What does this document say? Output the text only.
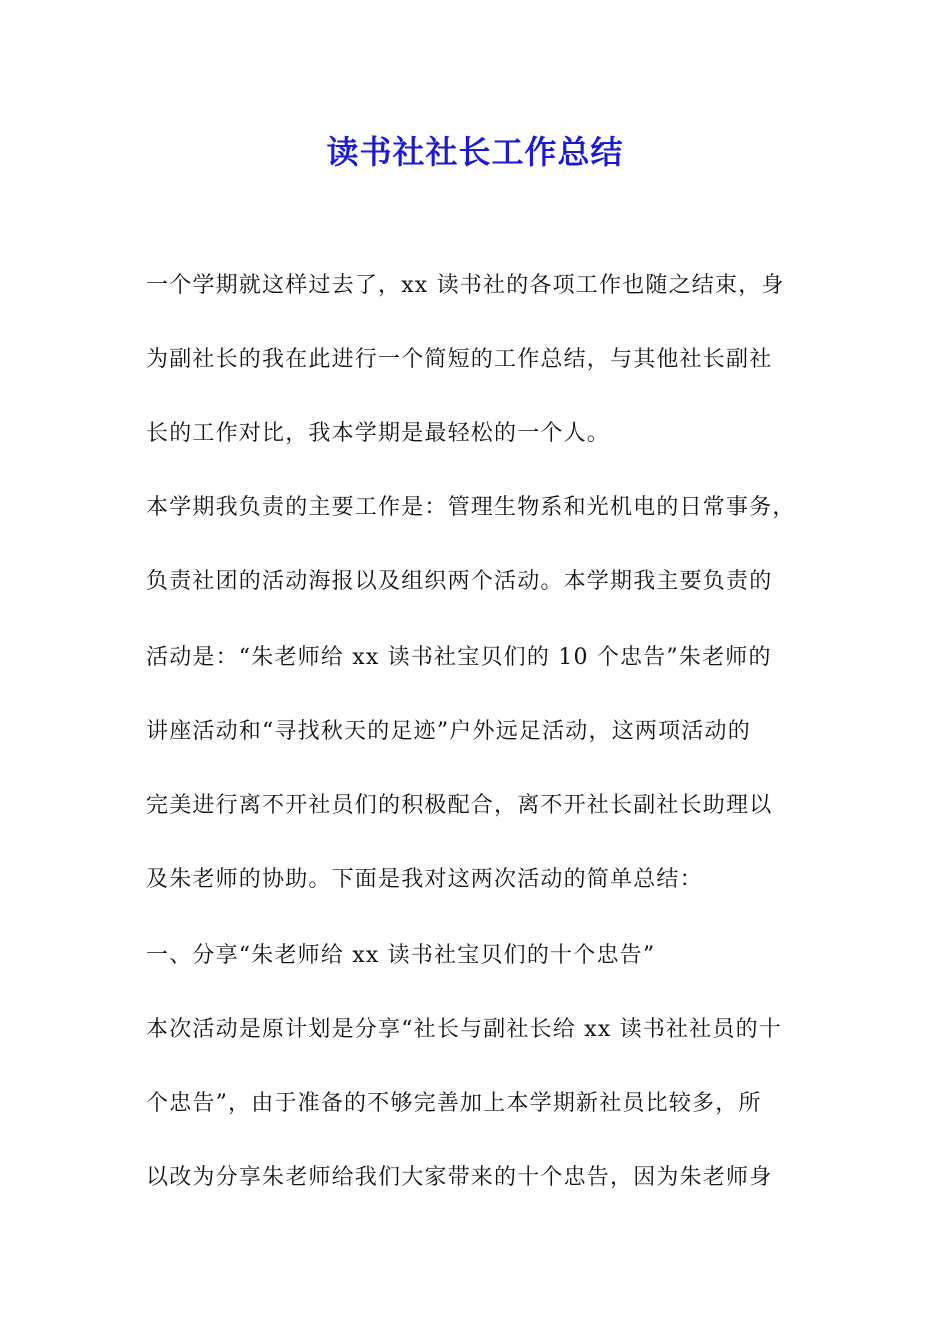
读书社社长工作总结

一个学期就这样过去了，xx 读书社的各项工作也随之结束，身

为副社长的我在此进行一个简短的工作总结，与其他社长副社

长的工作对比，我本学期是最轻松的一个人。

本学期我负责的主要工作是：管理生物系和光机电的日常事务，

负责社团的活动海报以及组织两个活动。本学期我主要负责的

活动是：“朱老师给 xx 读书社宝贝们的 10 个忠告”朱老师的

讲座活动和“寻找秋天的足迹”户外远足活动，这两项活动的

完美进行离不开社员们的积极配合，离不开社长副社长助理以

及朱老师的协助。下面是我对这两次活动的简单总结：

一、分享“朱老师给 xx 读书社宝贝们的十个忠告”

本次活动是原计划是分享“社长与副社长给 xx 读书社社员的十

个忠告”，由于准备的不够完善加上本学期新社员比较多，所

以改为分享朱老师给我们大家带来的十个忠告，因为朱老师身
